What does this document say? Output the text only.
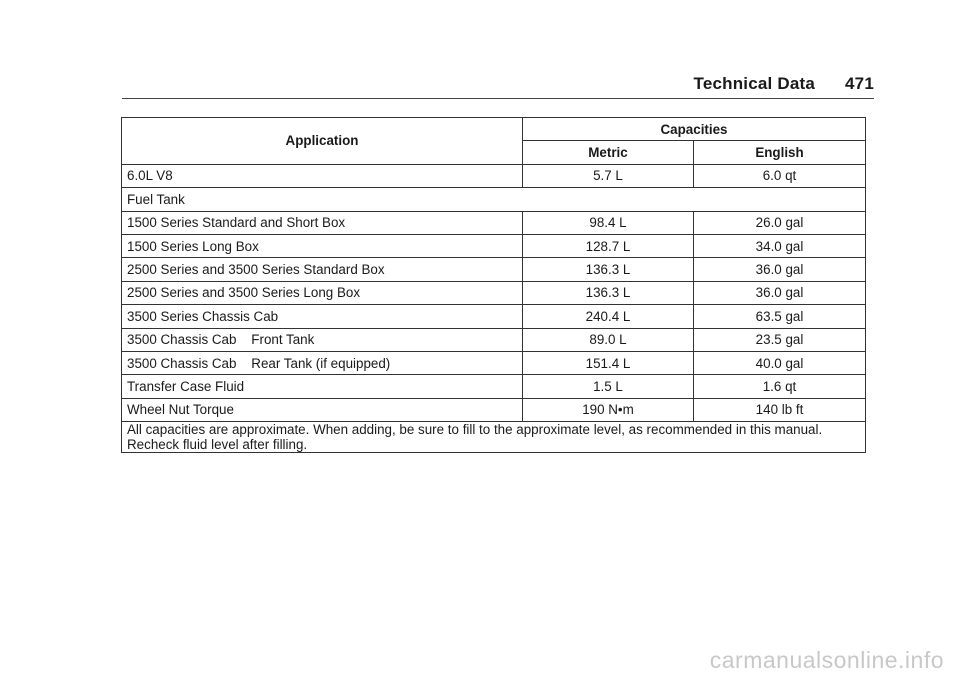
Technical Data 471
Application	Capacities	
	Metric	English
6.0L V8	5.7 L	6.0 qt
Fuel Tank		
1500 Series Standard and Short Box	98.4 L	26.0 gal
1500 Series Long Box	128.7 L	34.0 gal
2500 Series and 3500 Series Standard Box	136.3 L	36.0 gal
2500 Series and 3500 Series Long Box	136.3 L	36.0 gal
3500 Series Chassis Cab	240.4 L	63.5 gal
3500 Chassis Cab    Front Tank	89.0 L	23.5 gal
3500 Chassis Cab    Rear Tank (if equipped)	151.4 L	40.0 gal
Transfer Case Fluid	1.5 L	1.6 qt
Wheel Nut Torque	190 N•m	140 lb ft
All capacities are approximate. When adding, be sure to fill to the approximate level, as recommended in this manual. Recheck fluid level after filling.		
carmanualsonline.info
